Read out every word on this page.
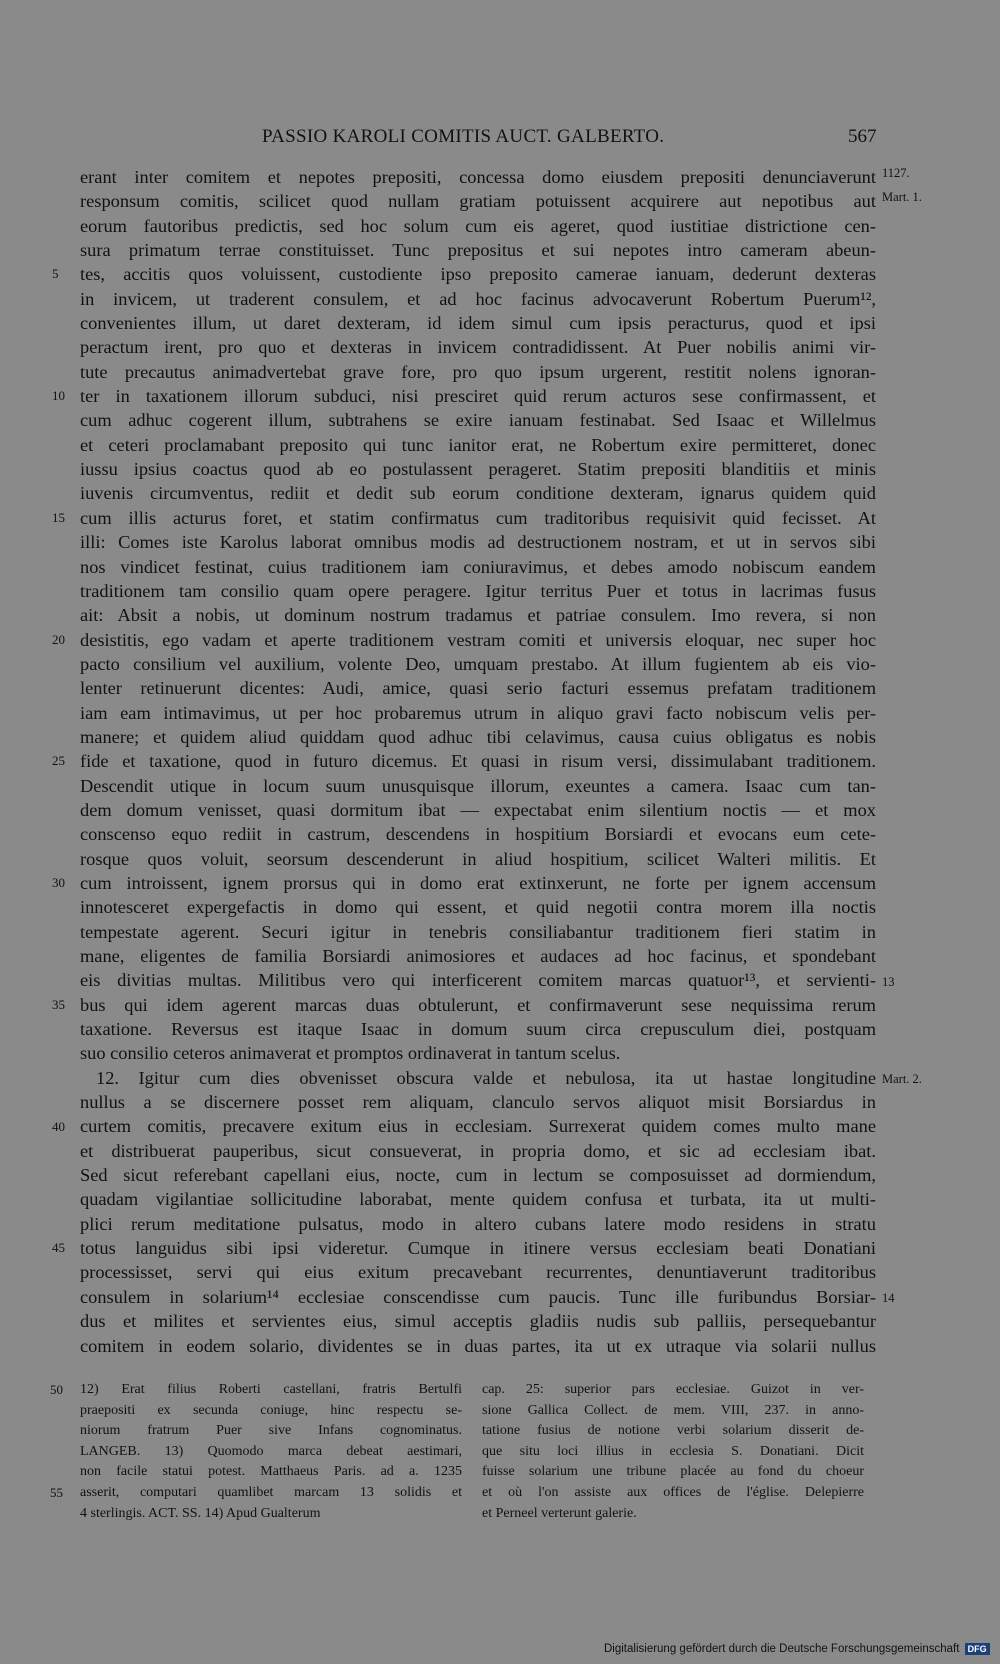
PASSIO KAROLI COMITIS AUCT. GALBERTO.	567
erant inter comitem et nepotes prepositi, concessa domo eiusdem prepositi denunciaverunt
responsum comitis, scilicet quod nullam gratiam potuissent acquirere aut nepotibus aut
eorum fautoribus predictis, sed hoc solum cum eis ageret, quod iustitiae districtione cen-
sura primatum terrae constituisset. Tunc prepositus et sui nepotes intro cameram abeun-
tes, accitis quos voluissent, custodiente ipso preposito camerae ianuam, dederunt dexteras
in invicem, ut traderent consulem, et ad hoc facinus advocaverunt Robertum Puerum¹²,
convenientes illum, ut daret dexteram, id idem simul cum ipsis peracturus, quod et ipsi
peractum irent, pro quo et dexteras in invicem contradidissent. At Puer nobilis animi vir-
tute precautus animadvertebat grave fore, pro quo ipsum urgerent, restitit nolens ignoran-
ter in taxationem illorum subduci, nisi presciret quid rerum acturos sese confirmassent, et
cum adhuc cogerent illum, subtrahens se exire ianuam festinabat. Sed Isaac et Willelmus
et ceteri proclamabant preposito qui tunc ianitor erat, ne Robertum exire permitteret, donec
iussu ipsius coactus quod ab eo postulassent perageret. Statim prepositi blanditiis et minis
iuvenis circumventus, rediit et dedit sub eorum conditione dexteram, ignarus quidem quid
cum illis acturus foret, et statim confirmatus cum traditoribus requisivit quid fecisset. At
illi: Comes iste Karolus laborat omnibus modis ad destructionem nostram, et ut in servos sibi
nos vindicet festinat, cuius traditionem iam coniuravimus, et debes amodo nobiscum eandem
traditionem tam consilio quam opere peragere. Igitur territus Puer et totus in lacrimas fusus
ait: Absit a nobis, ut dominum nostrum tradamus et patriae consulem. Imo revera, si non
desistitis, ego vadam et aperte traditionem vestram comiti et universis eloquar, nec super hoc
pacto consilium vel auxilium, volente Deo, umquam prestabo. At illum fugientem ab eis vio-
lenter retinuerunt dicentes: Audi, amice, quasi serio facturi essemus prefatam traditionem
iam eam intimavimus, ut per hoc probaremus utrum in aliquo gravi facto nobiscum velis per-
manere; et quidem aliud quiddam quod adhuc tibi celavimus, causa cuius obligatus es nobis
fide et taxatione, quod in futuro dicemus. Et quasi in risum versi, dissimulabant traditionem.
Descendit utique in locum suum unusquisque illorum, exeuntes a camera. Isaac cum tan-
dem domum venisset, quasi dormitum ibat — expectabat enim silentium noctis — et mox
conscenso equo rediit in castrum, descendens in hospitium Borsiardi et evocans eum cete-
rosque quos voluit, seorsum descenderunt in aliud hospitium, scilicet Walteri militis. Et
cum introissent, ignem prorsus qui in domo erat extinxerunt, ne forte per ignem accensum
innotesceret expergefactis in domo qui essent, et quid negotii contra morem illa noctis
tempestate agerent. Securi igitur in tenebris consiliabantur traditionem fieri statim in
mane, eligentes de familia Borsiardi animosiores et audaces ad hoc facinus, et spondebant
eis divitias multas. Militibus vero qui interficerent comitem marcas quatuor¹³, et servienti-
bus qui idem agerent marcas duas obtulerunt, et confirmaverunt sese nequissima rerum
taxatione. Reversus est itaque Isaac in domum suum circa crepusculum diei, postquam
suo consilio ceteros animaverat et promptos ordinaverat in tantum scelus.
12. Igitur cum dies obvenisset obscura valde et nebulosa, ita ut hastae longitudine
nullus a se discernere posset rem aliquam, clanculo servos aliquot misit Borsiardus in
curtem comitis, precavere exitum eius in ecclesiam. Surrexerat quidem comes multo mane
et distribuerat pauperibus, sicut consueverat, in propria domo, et sic ad ecclesiam ibat.
Sed sicut referebant capellani eius, nocte, cum in lectum se composuisset ad dormiendum,
quadam vigilantiae sollicitudine laborabat, mente quidem confusa et turbata, ita ut multi-
plici rerum meditatione pulsatus, modo in altero cubans latere modo residens in stratu
totus languidus sibi ipsi videretur. Cumque in itinere versus ecclesiam beati Donatiani
processisset, servi qui eius exitum precavebant recurrentes, denuntiaverunt traditoribus
consulem in solarium¹⁴ ecclesiae conscendisse cum paucis. Tunc ille furibundus Borsiar-
dus et milites et servientes eius, simul acceptis gladiis nudis sub palliis, persequebantur
comitem in eodem solario, dividentes se in duas partes, ita ut ex utraque via solarii nullus
5
10
15
20
25
30
35
40
45
1127.
Mart. 1.
13
Mart. 2.
14
12) Erat filius Roberti castellani, fratris Bertulfi
praepositi ex secunda coniuge, hinc respectu se-
niorum fratrum Puer sive Infans cognominatus.
LANGEB. 13) Quomodo marca debeat aestimari,
non facile statui potest. Matthaeus Paris. ad a. 1235
asserit, computari quamlibet marcam 13 solidis et
4 sterlingis. ACT. SS. 14) Apud Gualterum
cap. 25: superior pars ecclesiae. Guizot in ver-
sione Gallica Collect. de mem. VIII, 237. in anno-
tatione fusius de notione verbi solarium disserit de-
que situ loci illius in ecclesia S. Donatiani. Dicit
fuisse solarium une tribune placée au fond du choeur
et où l'on assiste aux offices de l'église. Delepierre
et Perneel verterunt galerie.
50
55
Digitalisierung gefördert durch die Deutsche Forschungsgemeinschaft DFG
